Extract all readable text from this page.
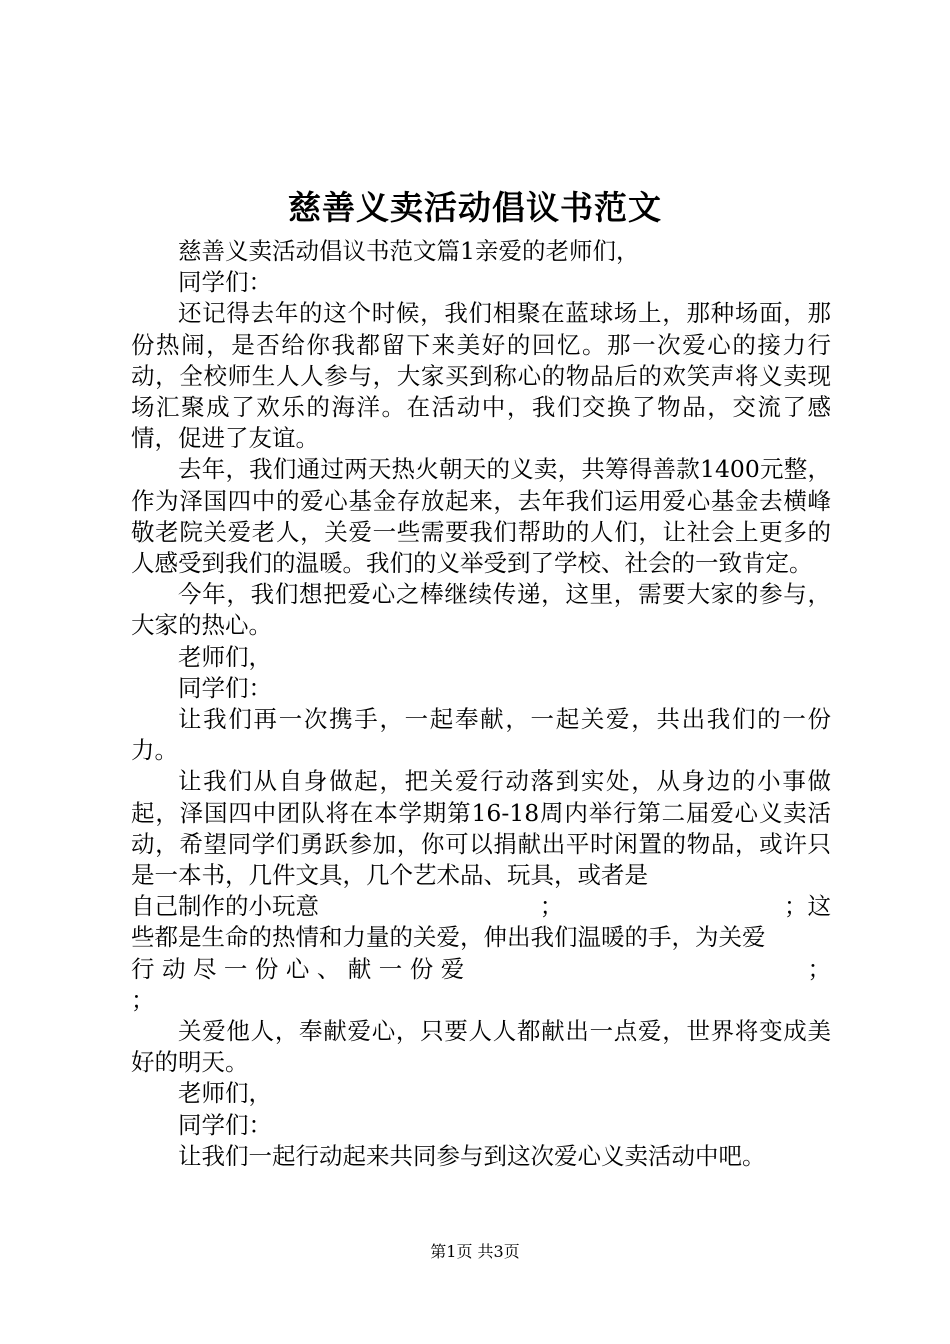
慈善义卖活动倡议书范文

慈善义卖活动倡议书范文篇1亲爱的老师们，

同学们：

还记得去年的这个时候，我们相聚在蓝球场上，那种场面，那份热闹，是否给你我都留下来美好的回忆。那一次爱心的接力行动，全校师生人人参与，大家买到称心的物品后的欢笑声将义卖现场汇聚成了欢乐的海洋。在活动中，我们交换了物品，交流了感情，促进了友谊。

去年，我们通过两天热火朝天的义卖，共筹得善款1400元整，作为泽国四中的爱心基金存放起来，去年我们运用爱心基金去横峰敬老院关爱老人，关爱一些需要我们帮助的人们，让社会上更多的人感受到我们的温暖。我们的义举受到了学校、社会的一致肯定。

今年，我们想把爱心之棒继续传递，这里，需要大家的参与，大家的热心。

老师们，

同学们：

让我们再一次携手，一起奉献，一起关爱，共出我们的一份力。

让我们从自身做起，把关爱行动落到实处，从身边的小事做起，泽国四中团队将在本学期第16-18周内举行第二届爱心义卖活动，希望同学们勇跃参加，你可以捐献出平时闲置的物品，或许只是一本书，几件文具，几个艺术品、玩具，或者是

自己制作的小玩意	；	；这

些都是生命的热情和力量的关爱，伸出我们温暖的手，为关爱

行 动 尽 一 份 心 、 献 一 份 爱	；

；

关爱他人，奉献爱心，只要人人都献出一点爱，世界将变成美好的明天。

老师们，

同学们：

让我们一起行动起来共同参与到这次爱心义卖活动中吧。

第1页 共3页
